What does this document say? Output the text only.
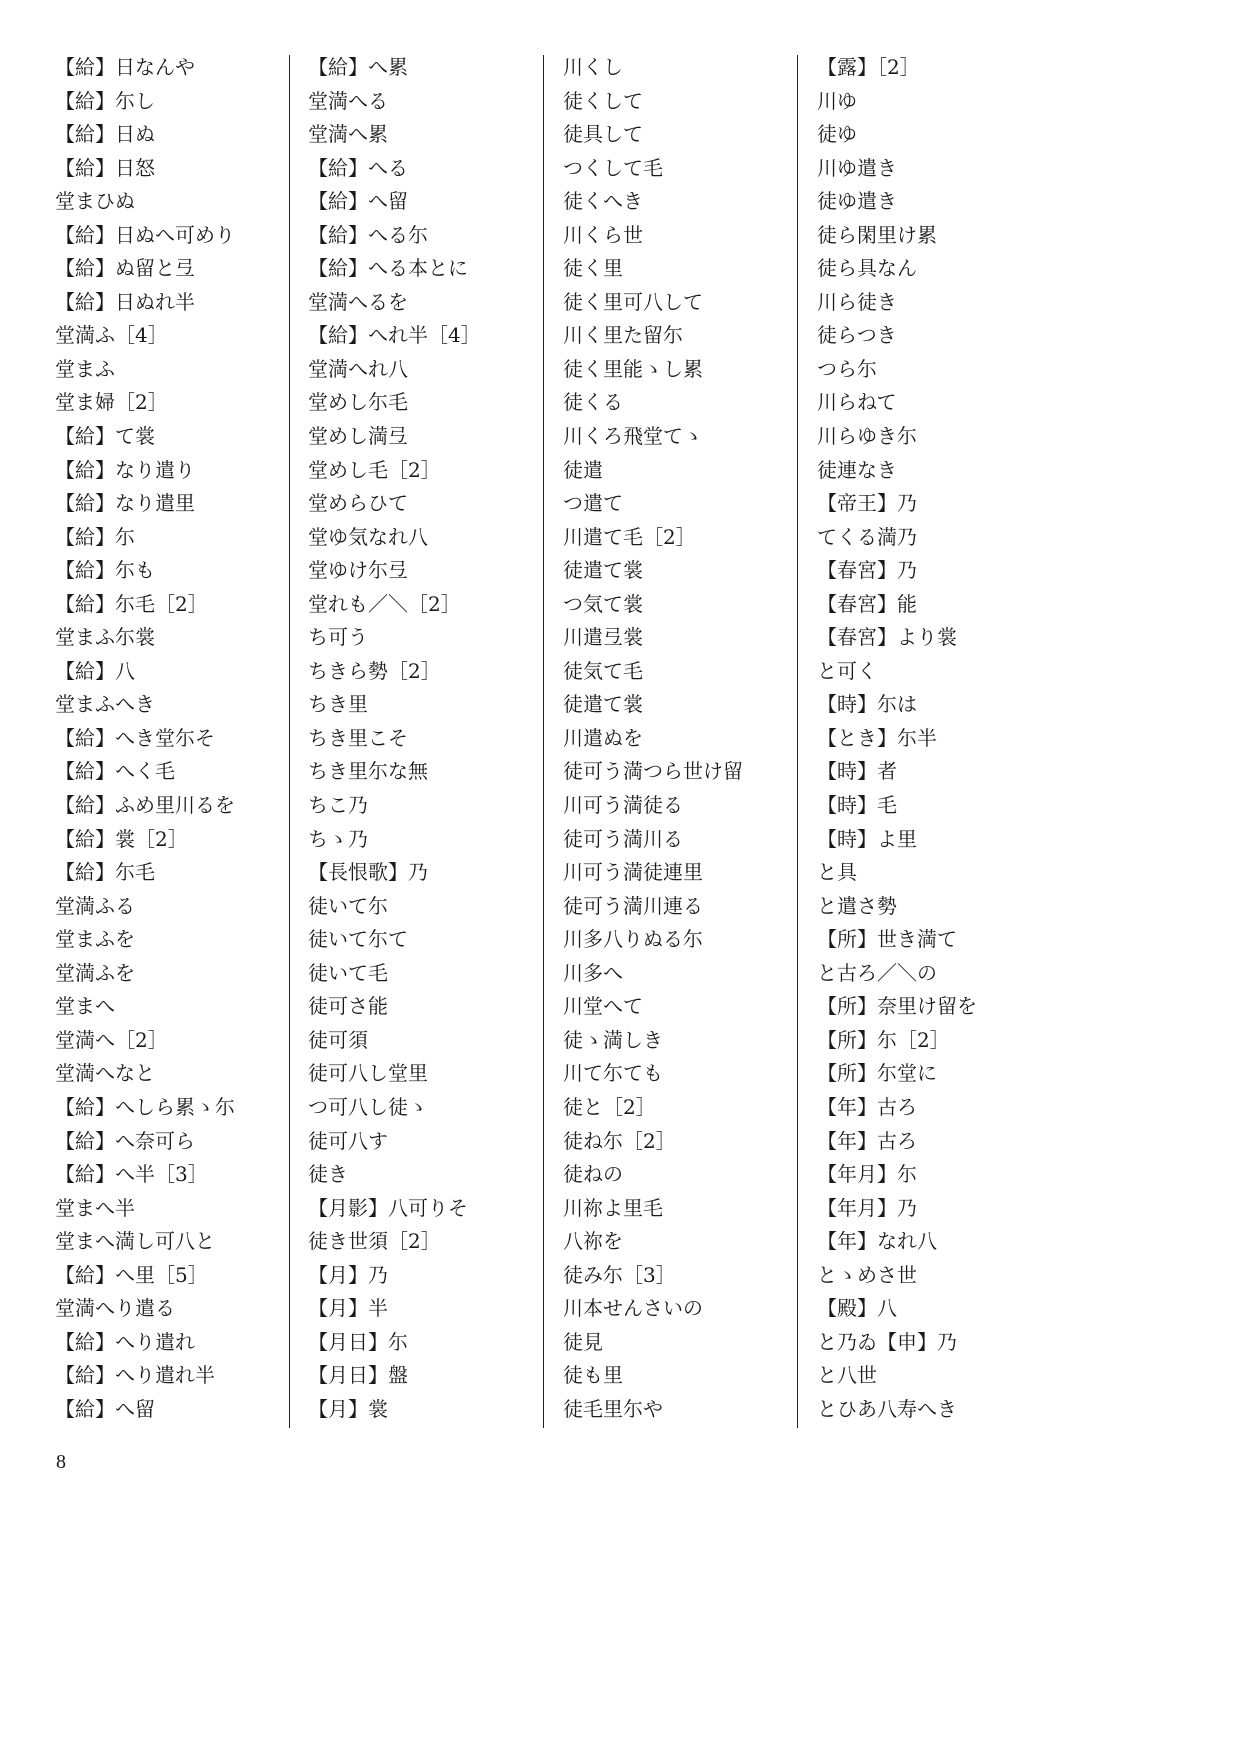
【給】日なんや
【給】尓し
【給】日ぬ
【給】日怒
堂まひぬ
【給】日ぬへ可めり
【給】ぬ留と弖
【給】日ぬれ半
堂満ふ［4］
堂まふ
堂ま婦［2］
【給】て裳
【給】なり遣り
【給】なり遣里
【給】尓
【給】尓も
【給】尓毛［2］
堂まふ尓裳
【給】八
堂まふへき
【給】へき堂尓そ
【給】へく毛
【給】ふめ里川るを
【給】裳［2］
【給】尓毛
堂満ふる
堂まふを
堂満ふを
堂まへ
堂満へ［2］
堂満へなと
【給】へしら累ゝ尓
【給】へ奈可ら
【給】へ半［3］
堂まへ半
堂まへ満し可八と
【給】へ里［5］
堂満へり遣る
【給】へり遣れ
【給】へり遣れ半
【給】へ留
【給】へ累
堂満へる
堂満へ累
【給】へる
【給】へ留
【給】へる尓
【給】へる本とに
堂満へるを
【給】へれ半［4］
堂満へれ八
堂めし尓毛
堂めし満弖
堂めし毛［2］
堂めらひて
堂ゆ気なれ八
堂ゆけ尓弖
堂れも／＼［2］
ち可う
ちきら勢［2］
ちき里
ちき里こそ
ちき里尓な無
ちこ乃
ちゝ乃
【長恨歌】乃
徒いて尓
徒いて尓て
徒いて毛
徒可さ能
徒可須
徒可八し堂里
つ可八し徒ゝ
徒可八す
徒き
【月影】八可りそ
徒き世須［2］
【月】乃
【月】半
【月日】尓
【月日】盤
【月】裳
川くし
徒くして
徒具して
つくして毛
徒くへき
川くら世
徒く里
徒く里可八して
川く里た留尓
徒く里能ゝし累
徒くる
川くろ飛堂てゝ
徒遣
つ遣て
川遣て毛［2］
徒遣て裳
つ気て裳
川遣弖裳
徒気て毛
徒遣て裳
川遣ぬを
徒可う満つら世け留
川可う満徒る
徒可う満川る
川可う満徒連里
徒可う満川連る
川多八りぬる尓
川多へ
川堂へて
徒ゝ満しき
川て尓ても
徒と［2］
徒ね尓［2］
徒ねの
川祢よ里毛
八祢を
徒み尓［3］
川本せんさいの
徒見
徒も里
徒毛里尓や
【露】［2］
川ゆ
徒ゆ
川ゆ遣き
徒ゆ遣き
徒ら閑里け累
徒ら具なん
川ら徒き
徒らつき
つら尓
川らねて
川らゆき尓
徒連なき
【帝王】乃
てくる満乃
【春宮】乃
【春宮】能
【春宮】より裳
と可く
【時】尓は
【とき】尓半
【時】者
【時】毛
【時】よ里
と具
と遣さ勢
【所】世き満て
と古ろ／＼の
【所】奈里け留を
【所】尓［2］
【所】尓堂に
【年】古ろ
【年】古ろ
【年月】尓
【年月】乃
【年】なれ八
とゝめさ世
【殿】八
と乃ゐ【申】乃
と八世
とひあ八寿へき
8
